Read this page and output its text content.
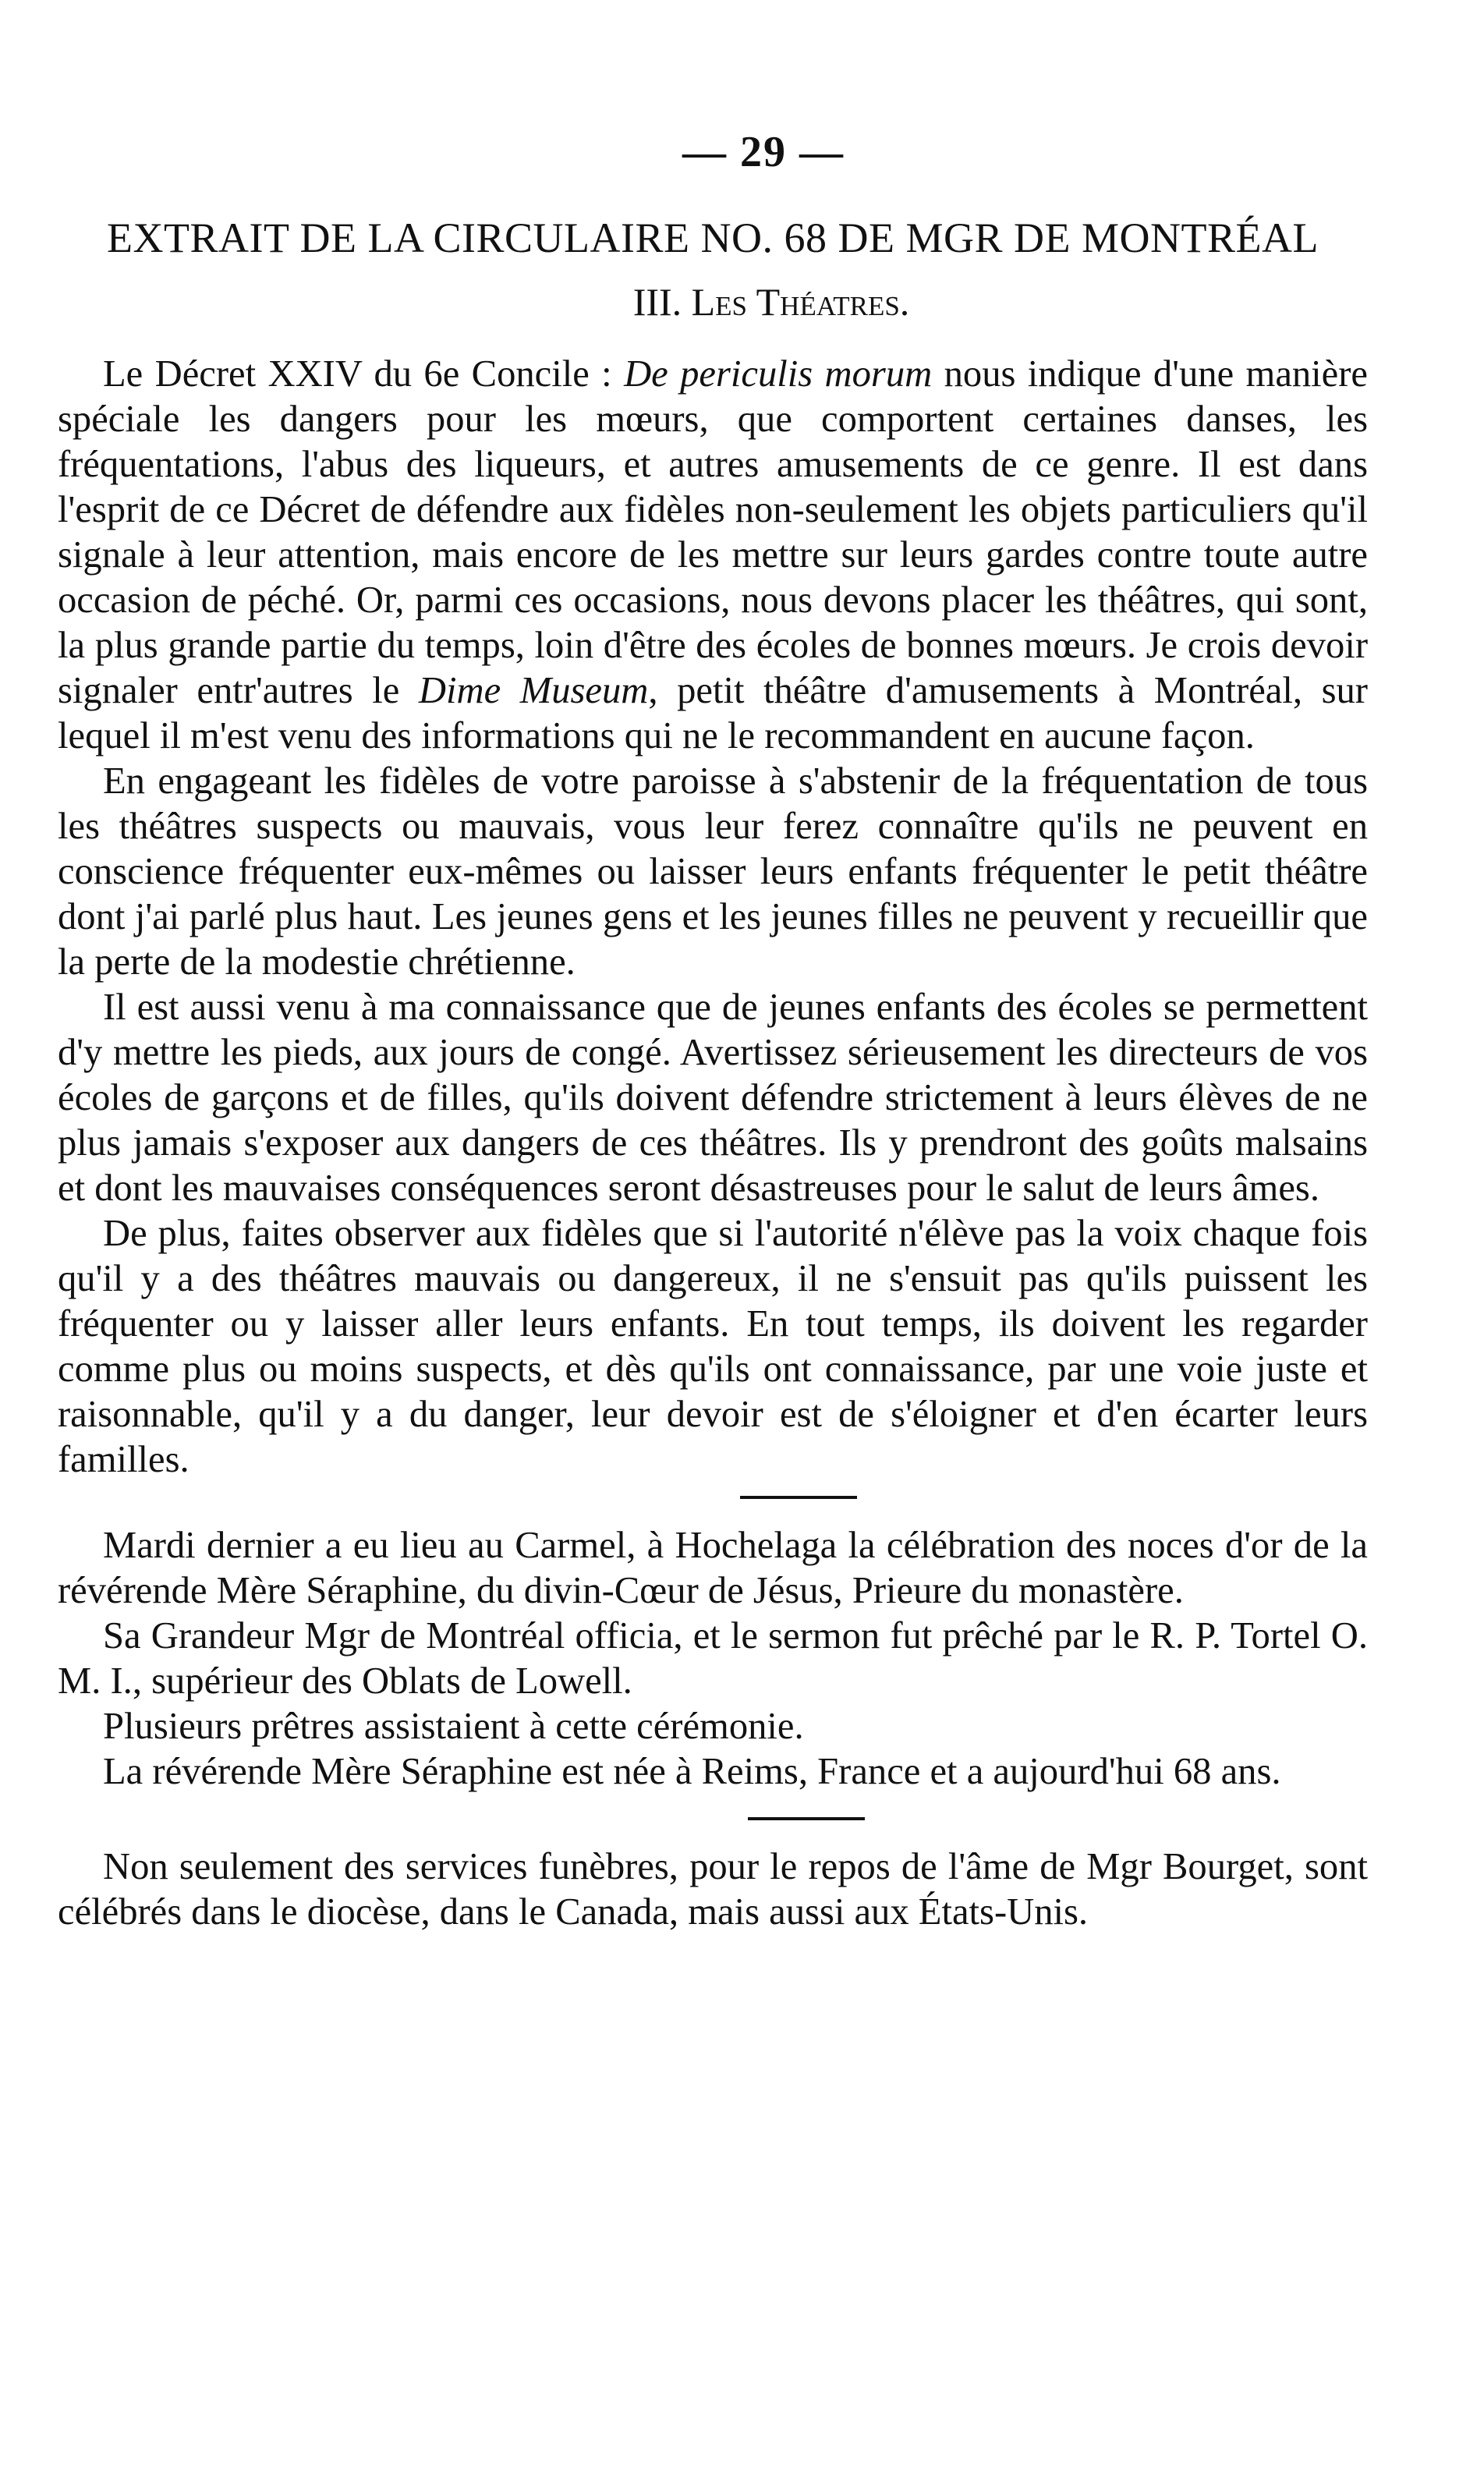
— 29 —
EXTRAIT DE LA CIRCULAIRE NO. 68 DE MGR DE MONTRÉAL
III. Les Théatres.

Le Décret XXIV du 6e Concile : De periculis morum nous indique d'une manière spéciale les dangers pour les mœurs, que comportent certaines danses, les fréquentations, l'abus des liqueurs, et autres amusements de ce genre. Il est dans l'esprit de ce Décret de défendre aux fidèles non-seulement les objets particuliers qu'il signale à leur attention, mais encore de les mettre sur leurs gardes contre toute autre occasion de péché. Or, parmi ces occasions, nous devons placer les théâtres, qui sont, la plus grande partie du temps, loin d'être des écoles de bonnes mœurs. Je crois devoir signaler entr'autres le Dime Museum, petit théâtre d'amusements à Montréal, sur lequel il m'est venu des informations qui ne le recommandent en aucune façon.

En engageant les fidèles de votre paroisse à s'abstenir de la fréquentation de tous les théâtres suspects ou mauvais, vous leur ferez connaître qu'ils ne peuvent en conscience fréquenter eux-mêmes ou laisser leurs enfants fréquenter le petit théâtre dont j'ai parlé plus haut. Les jeunes gens et les jeunes filles ne peuvent y recueillir que la perte de la modestie chrétienne.

Il est aussi venu à ma connaissance que de jeunes enfants des écoles se permettent d'y mettre les pieds, aux jours de congé. Avertissez sérieusement les directeurs de vos écoles de garçons et de filles, qu'ils doivent défendre strictement à leurs élèves de ne plus jamais s'exposer aux dangers de ces théâtres. Ils y prendront des goûts malsains et dont les mauvaises conséquences seront désastreuses pour le salut de leurs âmes.

De plus, faites observer aux fidèles que si l'autorité n'élève pas la voix chaque fois qu'il y a des théâtres mauvais ou dangereux, il ne s'ensuit pas qu'ils puissent les fréquenter ou y laisser aller leurs enfants. En tout temps, ils doivent les regarder comme plus ou moins suspects, et dès qu'ils ont connaissance, par une voie juste et raisonnable, qu'il y a du danger, leur devoir est de s'éloigner et d'en écarter leurs familles.

Mardi dernier a eu lieu au Carmel, à Hochelaga la célébration des noces d'or de la révérende Mère Séraphine, du divin-Cœur de Jésus, Prieure du monastère.

Sa Grandeur Mgr de Montréal officia, et le sermon fut prêché par le R. P. Tortel O. M. I., supérieur des Oblats de Lowell.

Plusieurs prêtres assistaient à cette cérémonie.

La révérende Mère Séraphine est née à Reims, France et a aujourd'hui 68 ans.

Non seulement des services funèbres, pour le repos de l'âme de Mgr Bourget, sont célébrés dans le diocèse, dans le Canada, mais aussi aux États-Unis.
